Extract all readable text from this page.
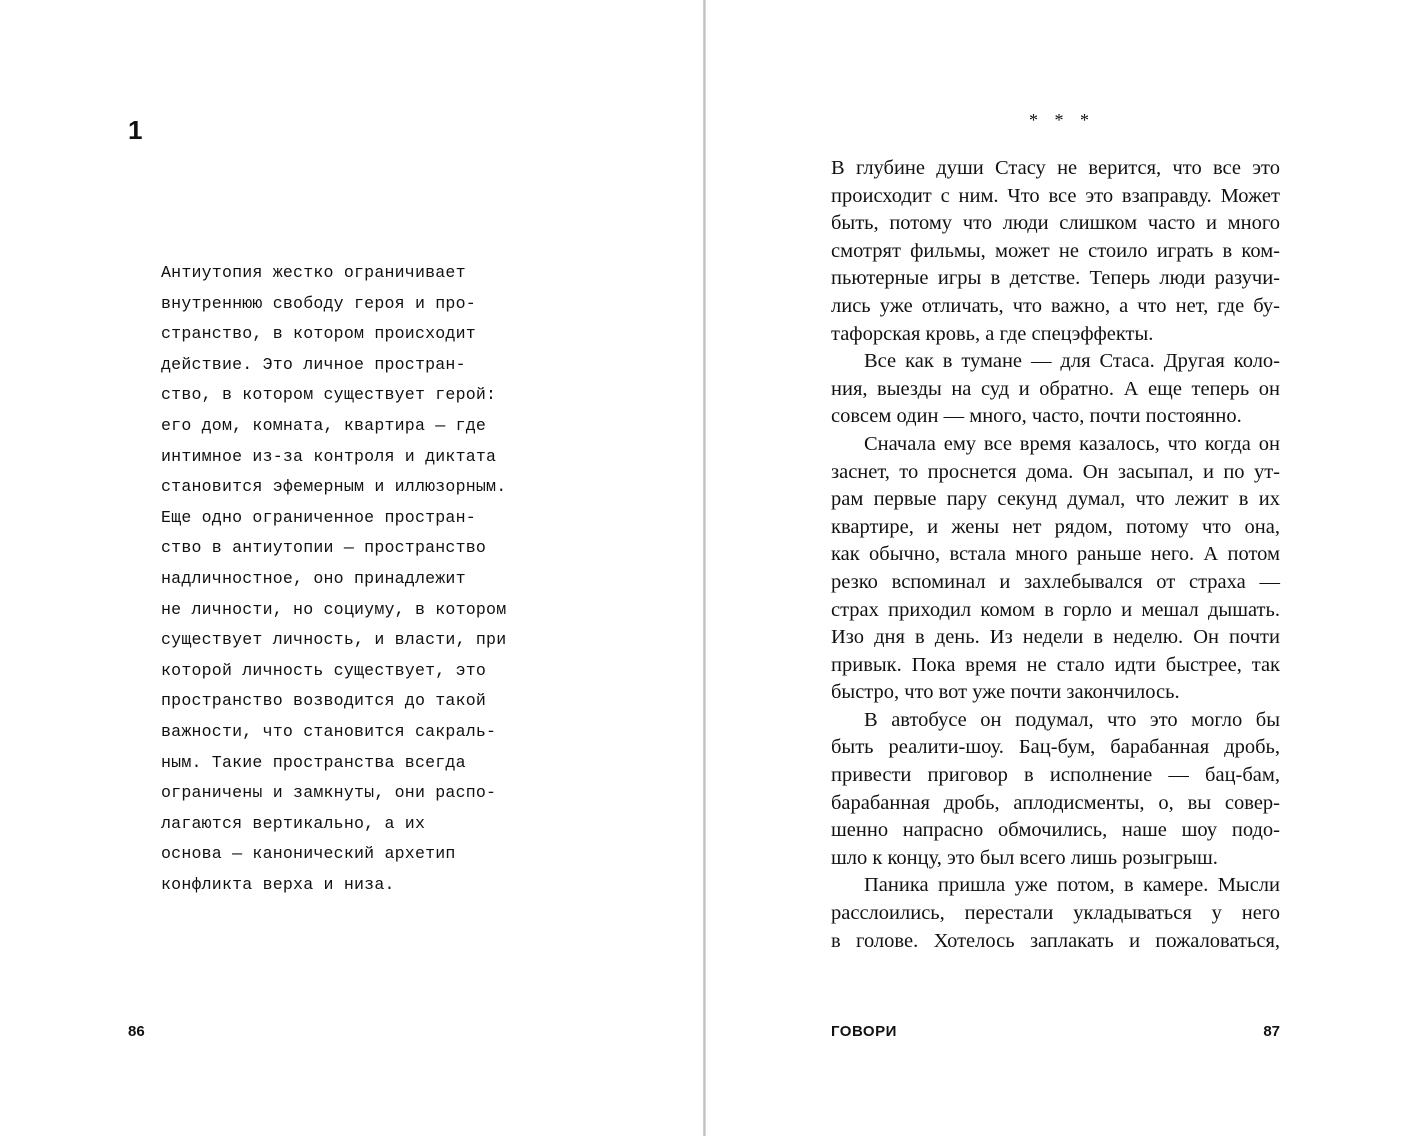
1
Антиутопия жестко ограничивает
внутреннюю свободу героя и про-
странство, в котором происходит
действие. Это личное простран-
ство, в котором существует герой:
его дом, комната, квартира — где
интимное из-за контроля и диктата
становится эфемерным и иллюзорным.
Еще одно ограниченное простран-
ство в антиутопии — пространство
надличностное, оно принадлежит
не личности, но социуму, в котором
существует личность, и власти, при
которой личность существует, это
пространство возводится до такой
важности, что становится сакраль-
ным. Такие пространства всегда
ограничены и замкнуты, они распо-
лагаются вертикально, а их
основа — канонический архетип
конфликта верха и низа.
86
* * *
В глубине души Стасу не верится, что все это
происходит с ним. Что все это взаправду. Может
быть, потому что люди слишком часто и много
смотрят фильмы, может не стоило играть в ком-
пьютерные игры в детстве. Теперь люди разучи-
лись уже отличать, что важно, а что нет, где бу-
тафорская кровь, а где спецэффекты.
Все как в тумане — для Стаса. Другая коло-
ния, выезды на суд и обратно. А еще теперь он
совсем один — много, часто, почти постоянно.
Сначала ему все время казалось, что когда он
заснет, то проснется дома. Он засыпал, и по ут-
рам первые пару секунд думал, что лежит в их
квартире, и жены нет рядом, потому что она,
как обычно, встала много раньше него. А потом
резко вспоминал и захлебывался от страха —
страх приходил комом в горло и мешал дышать.
Изо дня в день. Из недели в неделю. Он почти
привык. Пока время не стало идти быстрее, так
быстро, что вот уже почти закончилось.
В автобусе он подумал, что это могло бы
быть реалити-шоу. Бац-бум, барабанная дробь,
привести приговор в исполнение — бац-бам,
барабанная дробь, аплодисменты, о, вы совер-
шенно напрасно обмочились, наше шоу подо-
шло к концу, это был всего лишь розыгрыш.
Паника пришла уже потом, в камере. Мысли
расслоились, перестали укладываться у него
в голове. Хотелось заплакать и пожаловаться,
ГОВОРИ	87
